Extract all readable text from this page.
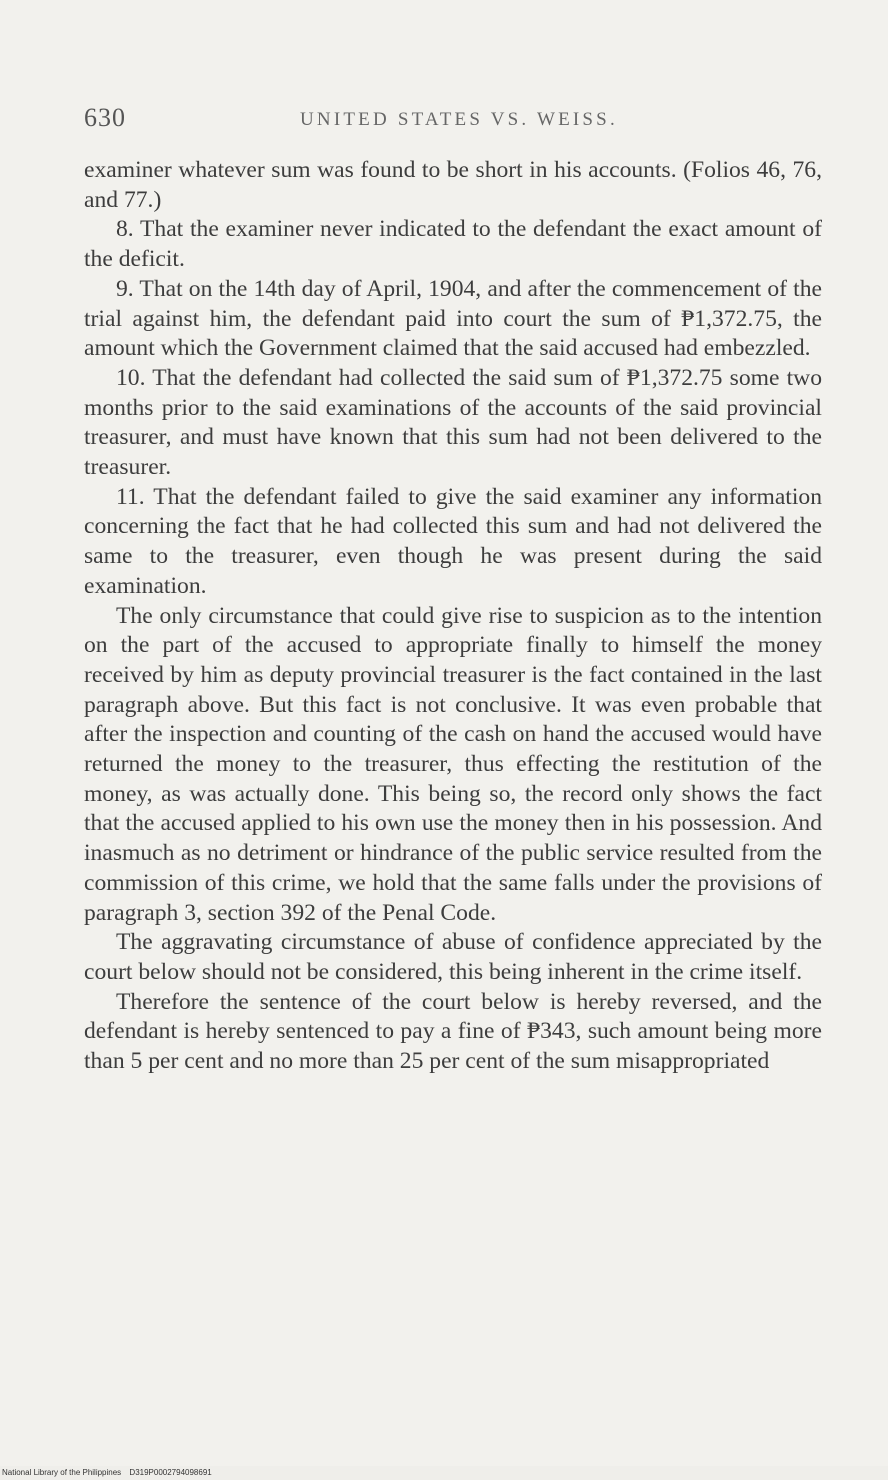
630	UNITED STATES VS. WEISS.

examiner whatever sum was found to be short in his accounts. (Folios 46, 76, and 77.)

8. That the examiner never indicated to the defendant the exact amount of the deficit.

9. That on the 14th day of April, 1904, and after the commencement of the trial against him, the defendant paid into court the sum of ₱1,372.75, the amount which the Government claimed that the said accused had embezzled.

10. That the defendant had collected the said sum of ₱1,372.75 some two months prior to the said examinations of the accounts of the said provincial treasurer, and must have known that this sum had not been delivered to the treasurer.

11. That the defendant failed to give the said examiner any information concerning the fact that he had collected this sum and had not delivered the same to the treasurer, even though he was present during the said examination.

The only circumstance that could give rise to suspicion as to the intention on the part of the accused to appropriate finally to himself the money received by him as deputy provincial treasurer is the fact contained in the last paragraph above. But this fact is not conclusive. It was even probable that after the inspection and counting of the cash on hand the accused would have returned the money to the treasurer, thus effecting the restitution of the money, as was actually done. This being so, the record only shows the fact that the accused applied to his own use the money then in his possession. And inasmuch as no detriment or hindrance of the public service resulted from the commission of this crime, we hold that the same falls under the provisions of paragraph 3, section 392 of the Penal Code.

The aggravating circumstance of abuse of confidence appreciated by the court below should not be considered, this being inherent in the crime itself.

Therefore the sentence of the court below is hereby reversed, and the defendant is hereby sentenced to pay a fine of ₱343, such amount being more than 5 per cent and no more than 25 per cent of the sum misappropriated

National Library of the Philippines D319P0002794098691
